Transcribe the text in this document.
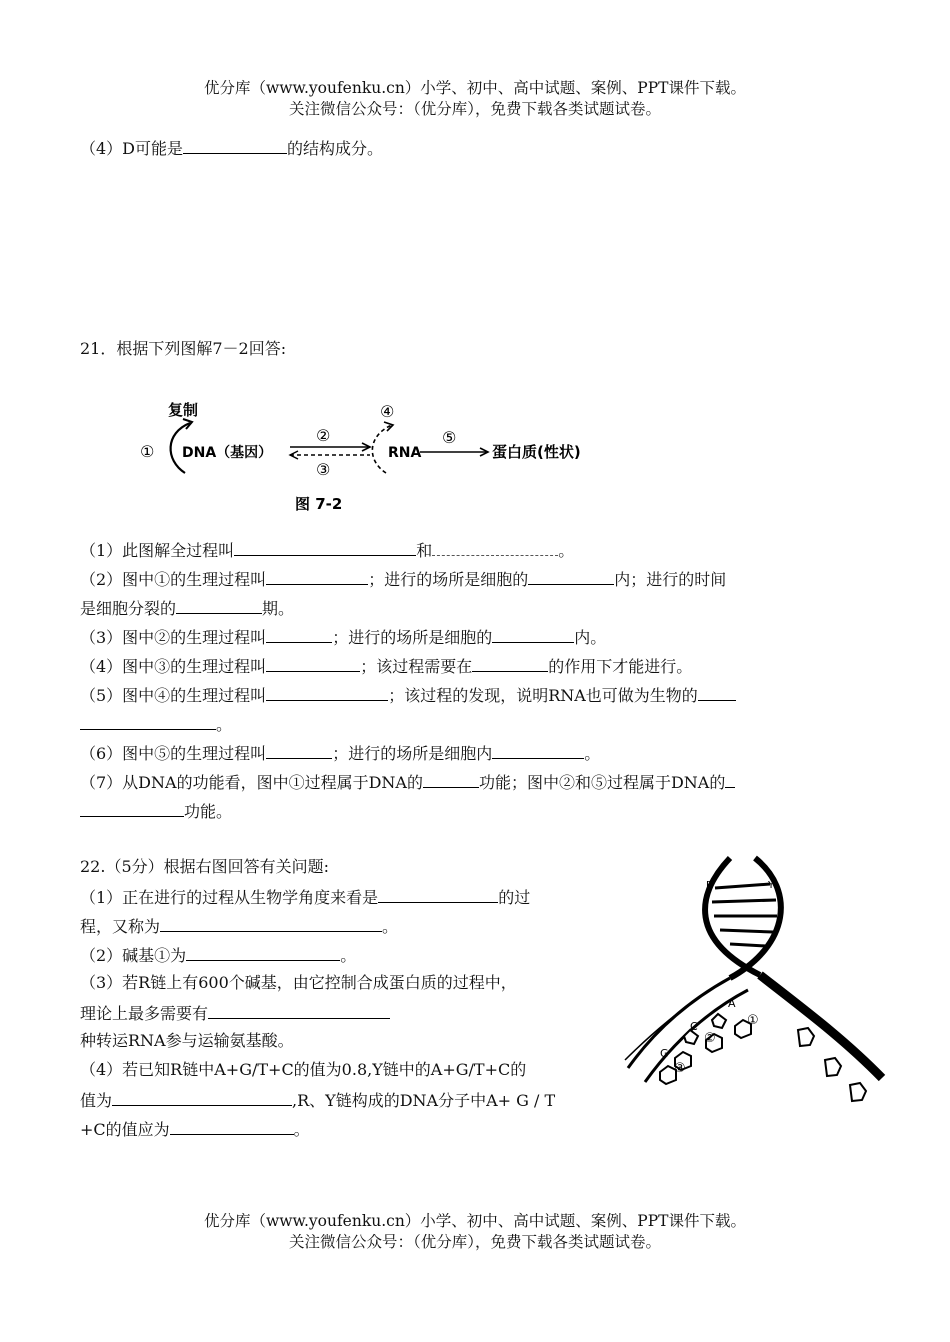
优分库（www.youfenku.cn）小学、初中、高中试题、案例、PPT课件下载。
关注微信公众号：（优分库），免费下载各类试题试卷。
（4）D可能是	的结构成分。
21．根据下列图解7－2回答:
复制
① DNA（基因）
②
③
④
RNA
⑤
蛋白质(性状)
图 7-2
（1）此图解全过程叫	和	。
（2）图中①的生理过程叫	；进行的场所是细胞的	内；进行的时间
是细胞分裂的	期。
（3）图中②的生理过程叫	；进行的场所是细胞的	内。
（4）图中③的生理过程叫	；该过程需要在	的作用下才能进行。
（5）图中④的生理过程叫	；该过程的发现，说明RNA也可做为生物的
。
（6）图中⑤的生理过程叫	；进行的场所是细胞内	。
（7）从DNA的功能看，图中①过程属于DNA的	功能；图中②和⑤过程属于DNA的
功能。
22.（5分）根据右图回答有关问题:
（1）正在进行的过程从生物学角度来看是	的过
程，又称为	。
（2）碱基①为	。
（3）若R链上有600个碱基，由它控制合成蛋白质的过程中，
理论上最多需要有
种转运RNA参与运输氨基酸。
（4）若已知R链中A+G/T+C的值为0.8,Y链中的A+G/T+C的
值为	,R、Y链构成的DNA分子中A+ G / T
+C的值应为	。
R	Y
A
C
G
①
②
③
优分库（www.youfenku.cn）小学、初中、高中试题、案例、PPT课件下载。
关注微信公众号：（优分库），免费下载各类试题试卷。
